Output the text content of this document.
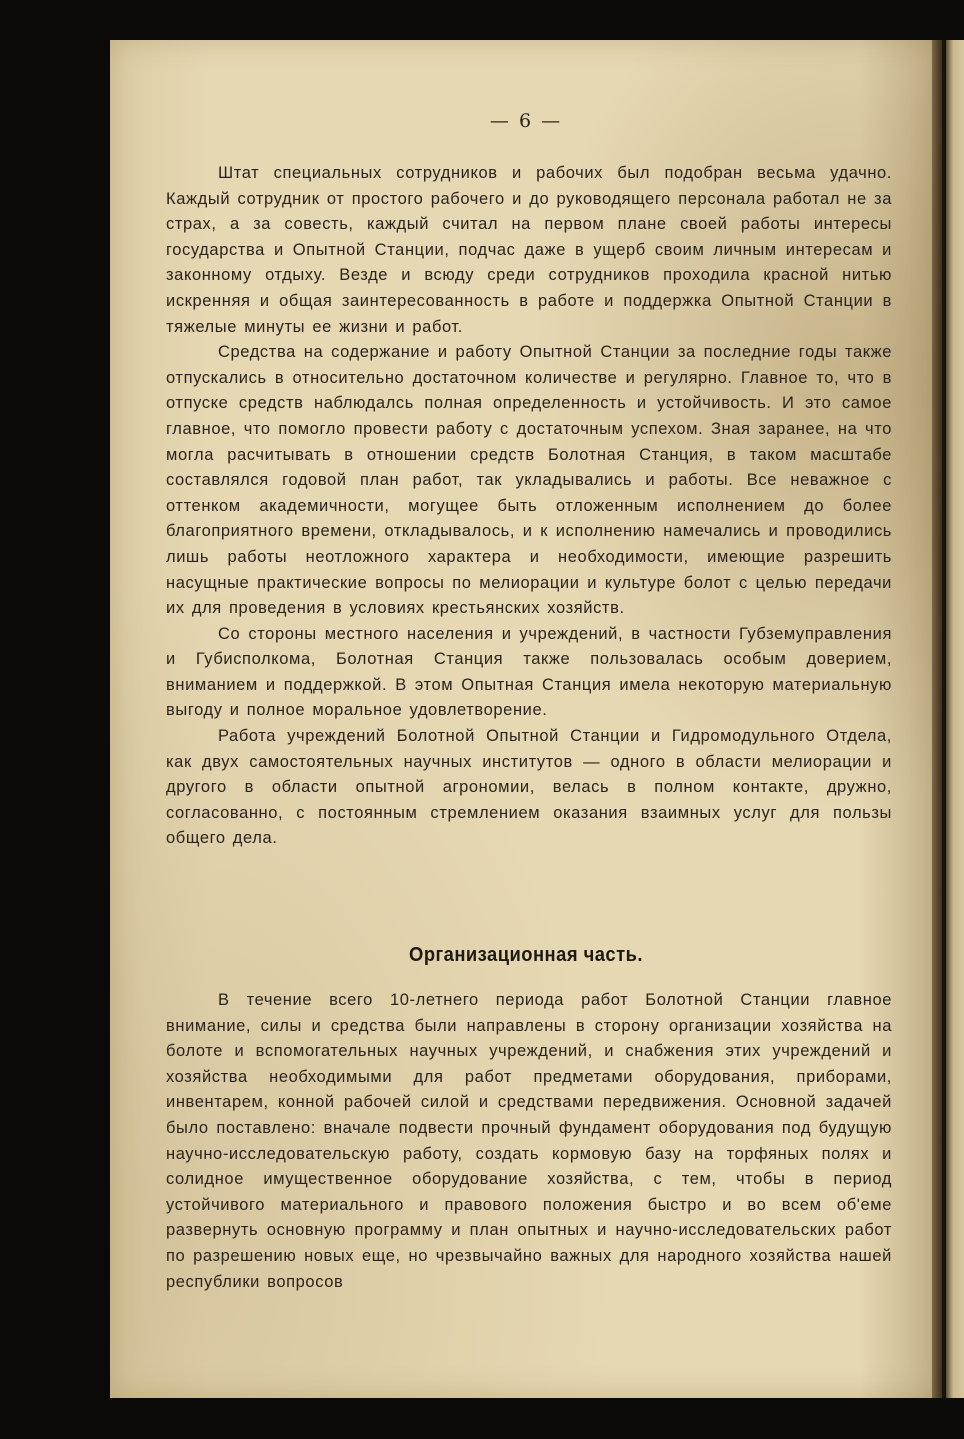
— 6 —

Штат специальных сотрудников и рабочих был подобран весьма удачно. Каждый сотрудник от простого рабочего и до руководящего персонала работал не за страх, а за совесть, каждый считал на первом плане своей работы интересы государства и Опытной Станции, подчас даже в ущерб своим личным интересам и законному отдыху. Везде и всюду среди сотрудников проходила красной нитью искренняя и общая заинтересованность в работе и поддержка Опытной Станции в тяжелые минуты ее жизни и работ.

Средства на содержание и работу Опытной Станции за последние годы также отпускались в относительно достаточном количестве и регулярно. Главное то, что в отпуске средств наблюдалсь полная определенность и устойчивость. И это самое главное, что помогло провести работу с достаточным успехом. Зная заранее, на что могла расчитывать в отношении средств Болотная Станция, в таком масштабе составлялся годовой план работ, так укладывались и работы. Все неважное с оттенком академичности, могущее быть отложенным исполнением до более благоприятного времени, откладывалось, и к исполнению намечались и проводились лишь работы неотложного характера и необходимости, имеющие разрешить насущные практические вопросы по мелиорации и культуре болот с целью передачи их для проведения в условиях крестьянских хозяйств.

Со стороны местного населения и учреждений, в частности Губземуправления и Губисполкома, Болотная Станция также пользовалась особым доверием, вниманием и поддержкой. В этом Опытная Станция имела некоторую материальную выгоду и полное моральное удовлетворение.

Работа учреждений Болотной Опытной Станции и Гидромодульного Отдела, как двух самостоятельных научных институтов — одного в области мелиорации и другого в области опытной агрономии, велась в полном контакте, дружно, согласованно, с постоянным стремлением оказания взаимных услуг для пользы общего дела.

Организационная часть.

В течение всего 10-летнего периода работ Болотной Станции главное внимание, силы и средства были направлены в сторону организации хозяйства на болоте и вспомогательных научных учреждений, и снабжения этих учреждений и хозяйства необходимыми для работ предметами оборудования, приборами, инвентарем, конной рабочей силой и средствами передвижения. Основной задачей было поставлено: вначале подвести прочный фундамент оборудования под будущую научно-исследовательскую работу, создать кормовую базу на торфяных полях и солидное имущественное оборудование хозяйства, с тем, чтобы в период устойчивого материального и правового положения быстро и во всем об'еме развернуть основную программу и план опытных и научно-исследовательских работ по разрешению новых еще, но чрезвычайно важных для народного хозяйства нашей республики вопросов
